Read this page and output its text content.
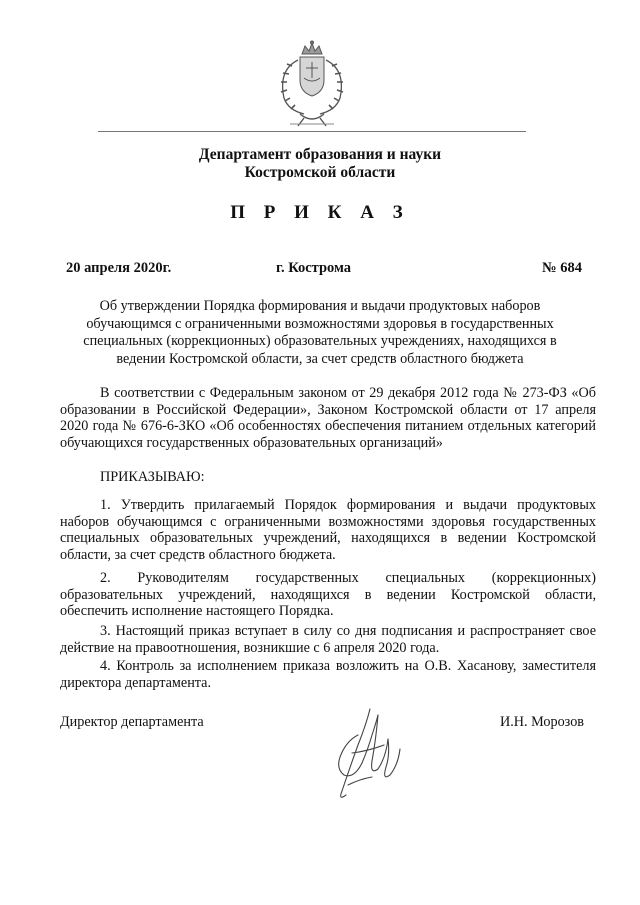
Департамент образования и науки
Костромской области
П Р И К А З
20 апреля 2020г.	г. Кострома	№ 684
Об утверждении Порядка формирования и выдачи продуктовых наборов
обучающимся с ограниченными возможностями здоровья в государственных
специальных (коррекционных) образовательных учреждениях, находящихся в
ведении Костромской области, за счет средств областного бюджета
В соответствии с Федеральным законом от 29 декабря 2012 года № 273-ФЗ «Об образовании в Российской Федерации», Законом Костромской области от 17 апреля 2020 года № 676-6-ЗКО «Об особенностях обеспечения питанием отдельных категорий обучающихся государственных образовательных организаций»
ПРИКАЗЫВАЮ:
1. Утвердить прилагаемый Порядок формирования и выдачи продуктовых наборов обучающимся с ограниченными возможностями здоровья государственных специальных образовательных учреждений, находящихся в ведении Костромской области, за счет средств областного бюджета.
2. Руководителям государственных специальных (коррекционных) образовательных учреждений, находящихся в ведении Костромской области, обеспечить исполнение настоящего Порядка.
3. Настоящий приказ вступает в силу со дня подписания и распространяет свое действие на правоотношения, возникшие с 6 апреля 2020 года.
4. Контроль за исполнением приказа возложить на О.В. Хасанову, заместителя директора департамента.
Директор департамента	И.Н. Морозов
